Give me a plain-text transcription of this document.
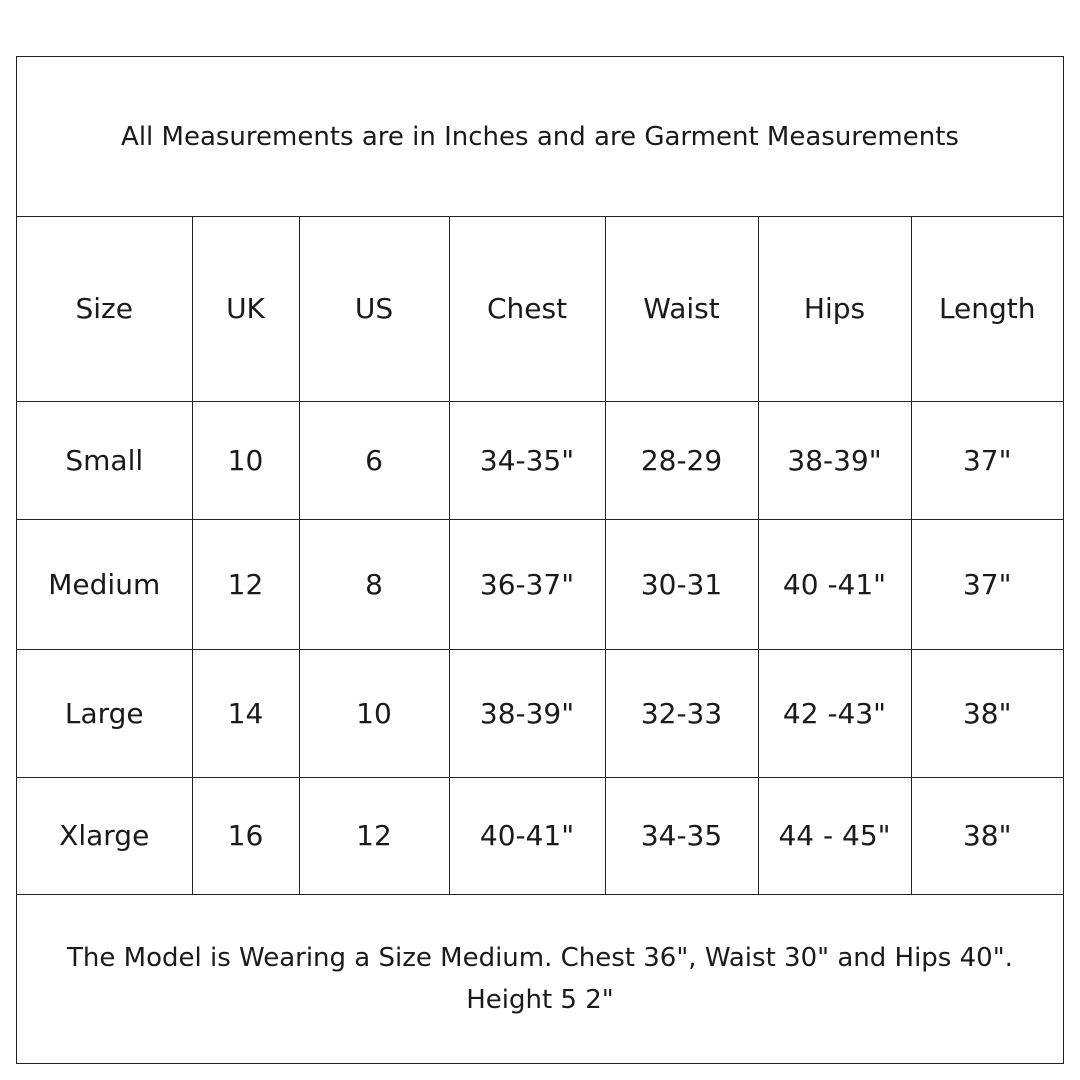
All Measurements are in Inches and are Garment Measurements
Size	UK	US	Chest	Waist	Hips	Length
Small	10	6	34-35"	28-29	38-39"	37"
Medium	12	8	36-37"	30-31	40 -41"	37"
Large	14	10	38-39"	32-33	42 -43"	38"
Xlarge	16	12	40-41"	34-35	44 - 45"	38"
The Model is Wearing a Size Medium. Chest 36", Waist 30" and Hips 40".
Height 5 2"
